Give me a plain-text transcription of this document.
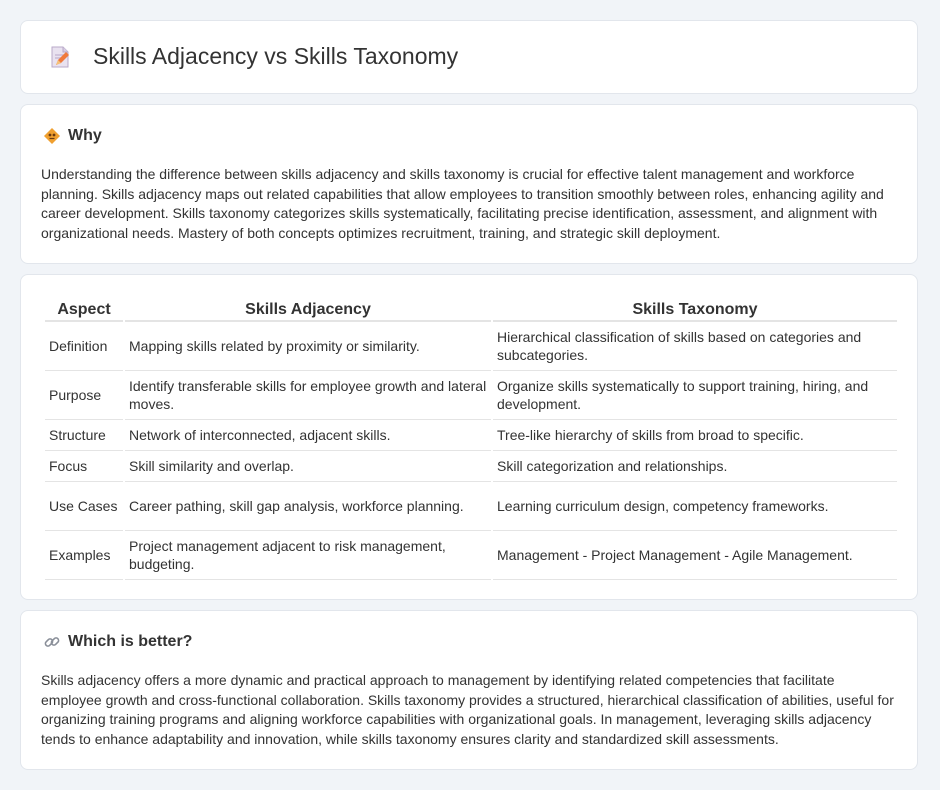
Skills Adjacency vs Skills Taxonomy
Why
Understanding the difference between skills adjacency and skills taxonomy is crucial for effective talent management and workforce planning. Skills adjacency maps out related capabilities that allow employees to transition smoothly between roles, enhancing agility and career development. Skills taxonomy categorizes skills systematically, facilitating precise identification, assessment, and alignment with organizational needs. Mastery of both concepts optimizes recruitment, training, and strategic skill deployment.
Aspect	Skills Adjacency	Skills Taxonomy
Definition	Mapping skills related by proximity or similarity.	Hierarchical classification of skills based on categories and subcategories.
Purpose	Identify transferable skills for employee growth and lateral moves.	Organize skills systematically to support training, hiring, and development.
Structure	Network of interconnected, adjacent skills.	Tree-like hierarchy of skills from broad to specific.
Focus	Skill similarity and overlap.	Skill categorization and relationships.
Use Cases	Career pathing, skill gap analysis, workforce planning.	Learning curriculum design, competency frameworks.
Examples	Project management adjacent to risk management, budgeting.	Management - Project Management - Agile Management.
Which is better?
Skills adjacency offers a more dynamic and practical approach to management by identifying related competencies that facilitate employee growth and cross-functional collaboration. Skills taxonomy provides a structured, hierarchical classification of abilities, useful for organizing training programs and aligning workforce capabilities with organizational goals. In management, leveraging skills adjacency tends to enhance adaptability and innovation, while skills taxonomy ensures clarity and standardized skill assessments.
